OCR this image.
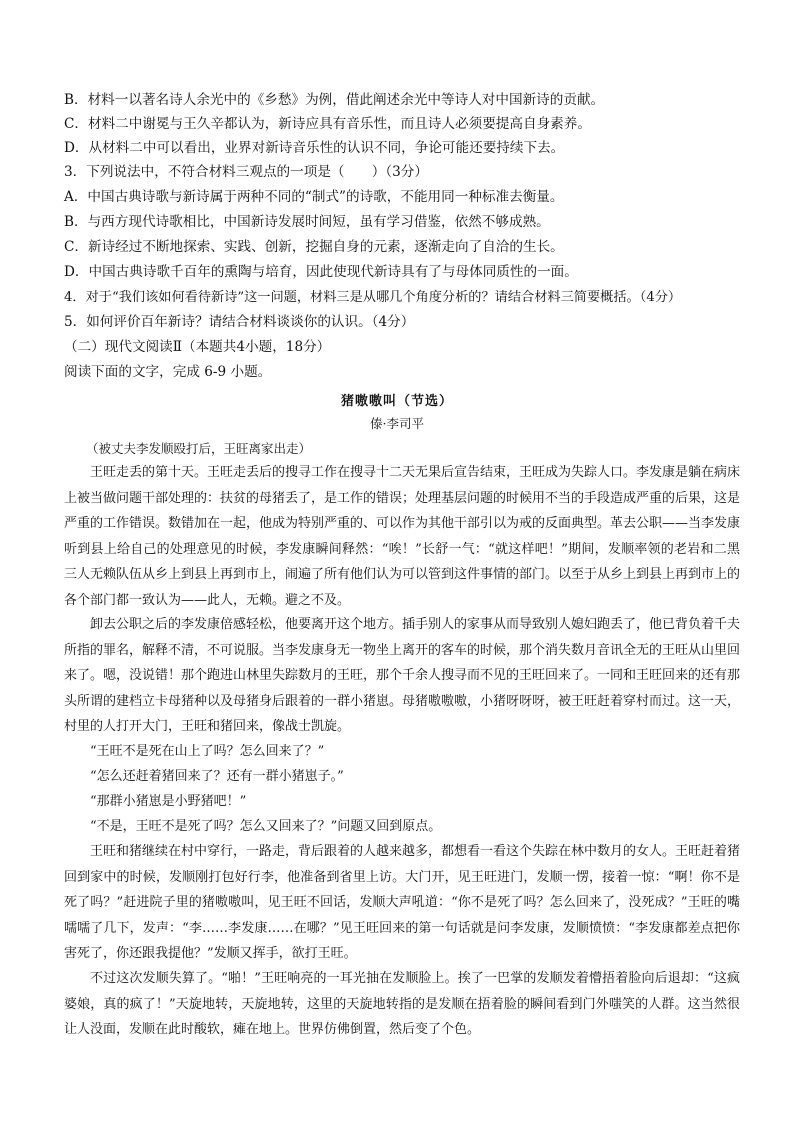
B．材料一以著名诗人余光中的《乡愁》为例，借此阐述余光中等诗人对中国新诗的贡献。
C．材料二中谢冕与王久辛都认为，新诗应具有音乐性，而且诗人必须要提高自身素养。
D．从材料二中可以看出，业界对新诗音乐性的认识不同，争论可能还要持续下去。
3．下列说法中，不符合材料三观点的一项是（　　）（3分）
A．中国古典诗歌与新诗属于两种不同的“制式”的诗歌，不能用同一种标准去衡量。
B．与西方现代诗歌相比，中国新诗发展时间短，虽有学习借鉴，依然不够成熟。
C．新诗经过不断地探索、实践、创新，挖掘自身的元素，逐渐走向了自洽的生长。
D．中国古典诗歌千百年的熏陶与培育，因此使现代新诗具有了与母体同质性的一面。
4．对于“我们该如何看待新诗”这一问题，材料三是从哪几个角度分析的？请结合材料三简要概括。（4分）
5．如何评价百年新诗？请结合材料谈谈你的认识。（4分）
（二）现代文阅读Ⅱ（本题共4小题，18分）
阅读下面的文字，完成 6-9 小题。
猪嗷嗷叫（节选）
傣·李司平
（被丈夫李发顺殴打后，王旺离家出走）
王旺走丢的第十天。王旺走丢后的搜寻工作在搜寻十二天无果后宣告结束，王旺成为失踪人口。李发康是躺在病床上被当做问题干部处理的：扶贫的母猪丢了，是工作的错误；处理基层问题的时候用不当的手段造成严重的后果，这是严重的工作错误。数错加在一起，他成为特别严重的、可以作为其他干部引以为戒的反面典型。革去公职——当李发康听到县上给自己的处理意见的时候，李发康瞬间释然：“唉！”长舒一气：“就这样吧！”期间，发顺率领的老岩和二黑三人无赖队伍从乡上到县上再到市上，闹遍了所有他们认为可以管到这件事情的部门。以至于从乡上到县上再到市上的各个部门都一致认为——此人，无赖。避之不及。
卸去公职之后的李发康倍感轻松，他要离开这个地方。插手别人的家事从而导致别人媳妇跑丢了，他已背负着千夫所指的罪名，解释不清，不可说服。当李发康身无一物坐上离开的客车的时候，那个消失数月音讯全无的王旺从山里回来了。嗯，没说错！那个跑进山林里失踪数月的王旺，那个千余人搜寻而不见的王旺回来了。一同和王旺回来的还有那头所谓的建档立卡母猪种以及母猪身后跟着的一群小猪崽。母猪嗷嗷嗷，小猪呀呀呀，被王旺赶着穿村而过。这一天，村里的人打开大门，王旺和猪回来，像战士凯旋。
“王旺不是死在山上了吗？怎么回来了？”
“怎么还赶着猪回来了？还有一群小猪崽子。”
“那群小猪崽是小野猪吧！”
“不是，王旺不是死了吗？怎么又回来了？”问题又回到原点。
王旺和猪继续在村中穿行，一路走，背后跟着的人越来越多，都想看一看这个失踪在林中数月的女人。王旺赶着猪回到家中的时候，发顺刚打包好行李，他准备到省里上访。大门开，见王旺进门，发顺一愣，接着一惊：“啊！你不是死了吗？”赶进院子里的猪嗷嗷叫，见王旺不回话，发顺大声吼道：“你不是死了吗？怎么回来了，没死成？”王旺的嘴嚅嚅了几下，发声：“李……李发康……在哪？”见王旺回来的第一句话就是问李发康，发顺愤愤：“李发康都差点把你害死了，你还跟我提他？”发顺又挥手，欲打王旺。
不过这次发顺失算了。“啪！”王旺响亮的一耳光抽在发顺脸上。挨了一巴掌的发顺发着懵捂着脸向后退却：“这疯婆娘，真的疯了！”天旋地转，天旋地转，这里的天旋地转指的是发顺在捂着脸的瞬间看到门外嗤笑的人群。这当然很让人没面，发顺在此时酸软，瘫在地上。世界仿佛倒置，然后变了个色。
